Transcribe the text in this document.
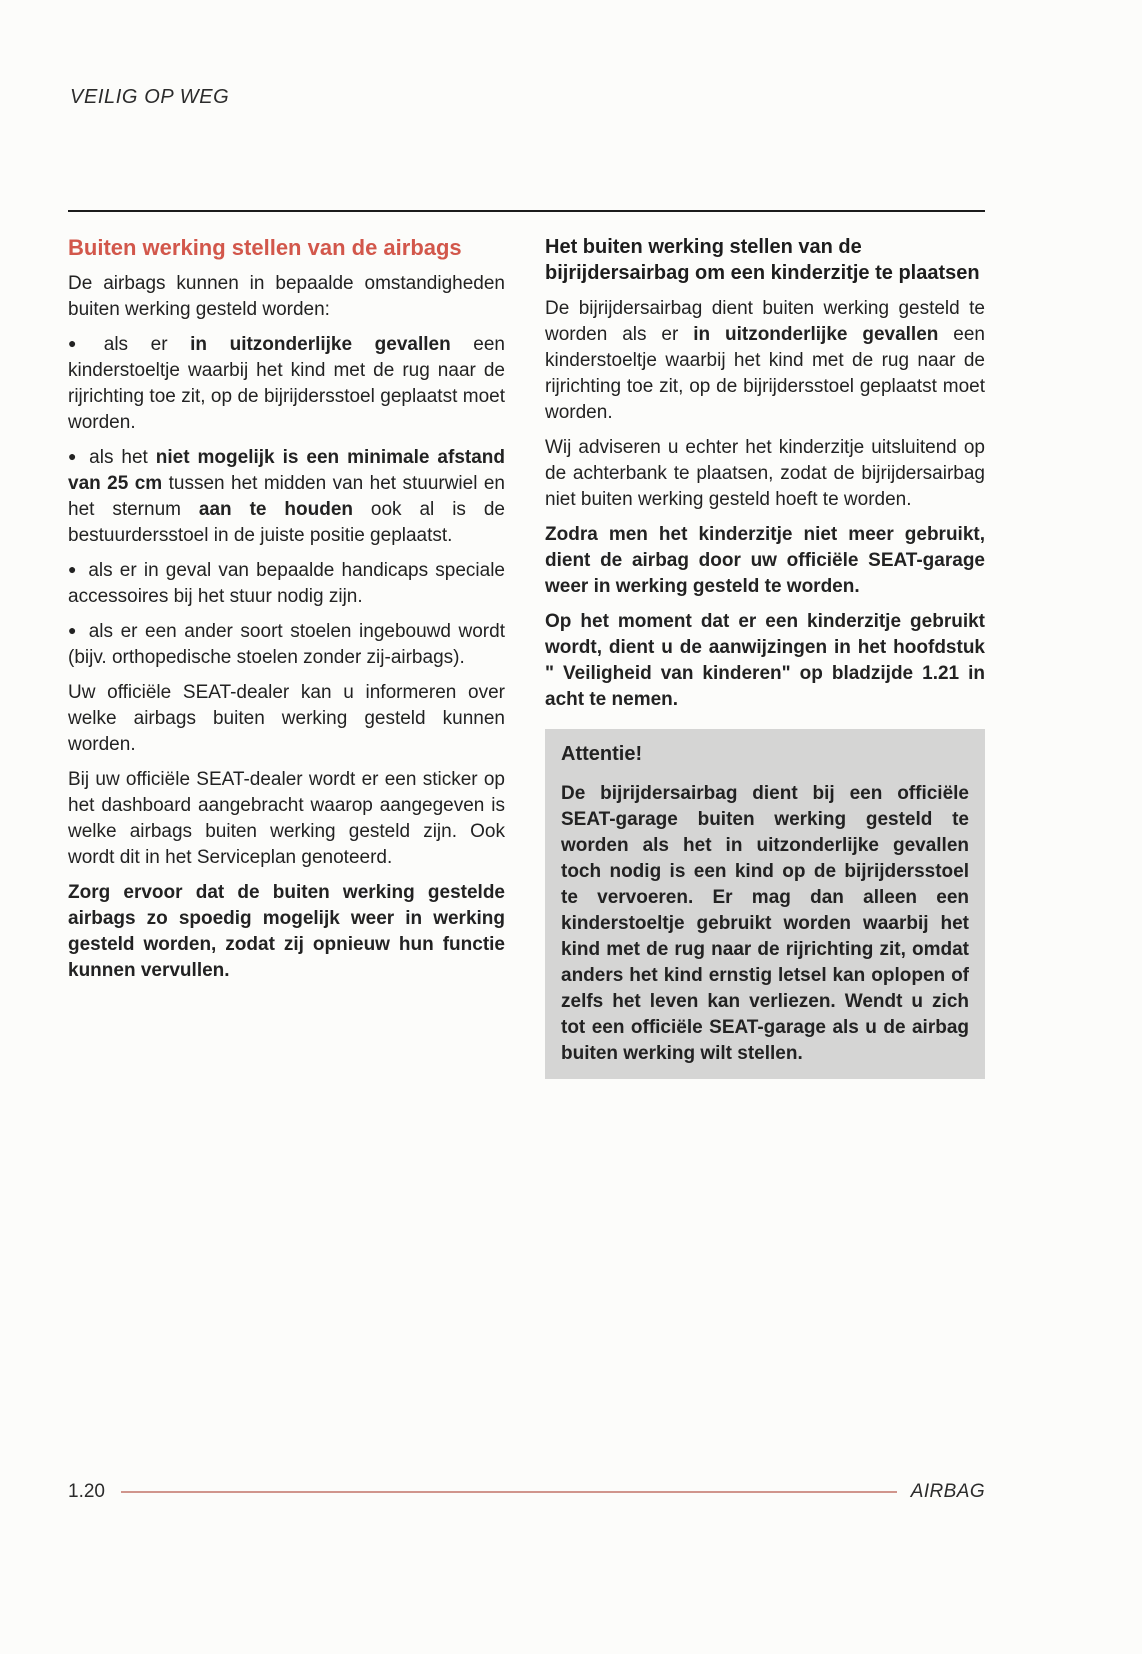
VEILIG OP WEG
Buiten werking stellen van de airbags

De airbags kunnen in bepaalde omstandigheden buiten werking gesteld worden:

● als er in uitzonderlijke gevallen een kinderstoeltje waarbij het kind met de rug naar de rijrichting toe zit, op de bijrijdersstoel geplaatst moet worden.

● als het niet mogelijk is een minimale afstand van 25 cm tussen het midden van het stuurwiel en het sternum aan te houden ook al is de bestuurdersstoel in de juiste positie geplaatst.

● als er in geval van bepaalde handicaps speciale accessoires bij het stuur nodig zijn.

● als er een ander soort stoelen ingebouwd wordt (bijv. orthopedische stoelen zonder zij-airbags).

Uw officiële SEAT-dealer kan u informeren over welke airbags buiten werking gesteld kunnen worden.

Bij uw officiële SEAT-dealer wordt er een sticker op het dashboard aangebracht waarop aangegeven is welke airbags buiten werking gesteld zijn. Ook wordt dit in het Serviceplan genoteerd.

Zorg ervoor dat de buiten werking gestelde airbags zo spoedig mogelijk weer in werking gesteld worden, zodat zij opnieuw hun functie kunnen vervullen.

Het buiten werking stellen van de bijrijdersairbag om een kinderzitje te plaatsen

De bijrijdersairbag dient buiten werking gesteld te worden als er in uitzonderlijke gevallen een kinderstoeltje waarbij het kind met de rug naar de rijrichting toe zit, op de bijrijdersstoel geplaatst moet worden.

Wij adviseren u echter het kinderzitje uitsluitend op de achterbank te plaatsen, zodat de bijrijdersairbag niet buiten werking gesteld hoeft te worden.

Zodra men het kinderzitje niet meer gebruikt, dient de airbag door uw officiële SEAT-garage weer in werking gesteld te worden.

Op het moment dat er een kinderzitje gebruikt wordt, dient u de aanwijzingen in het hoofdstuk " Veiligheid van kinderen" op bladzijde 1.21 in acht te nemen.

Attentie!

De bijrijdersairbag dient bij een officiële SEAT-garage buiten werking gesteld te worden als het in uitzonderlijke gevallen toch nodig is een kind op de bijrijdersstoel te vervoeren. Er mag dan alleen een kinderstoeltje gebruikt worden waarbij het kind met de rug naar de rijrichting zit, omdat anders het kind ernstig letsel kan oplopen of zelfs het leven kan verliezen. Wendt u zich tot een officiële SEAT-garage als u de airbag buiten werking wilt stellen.

1.20	AIRBAG
